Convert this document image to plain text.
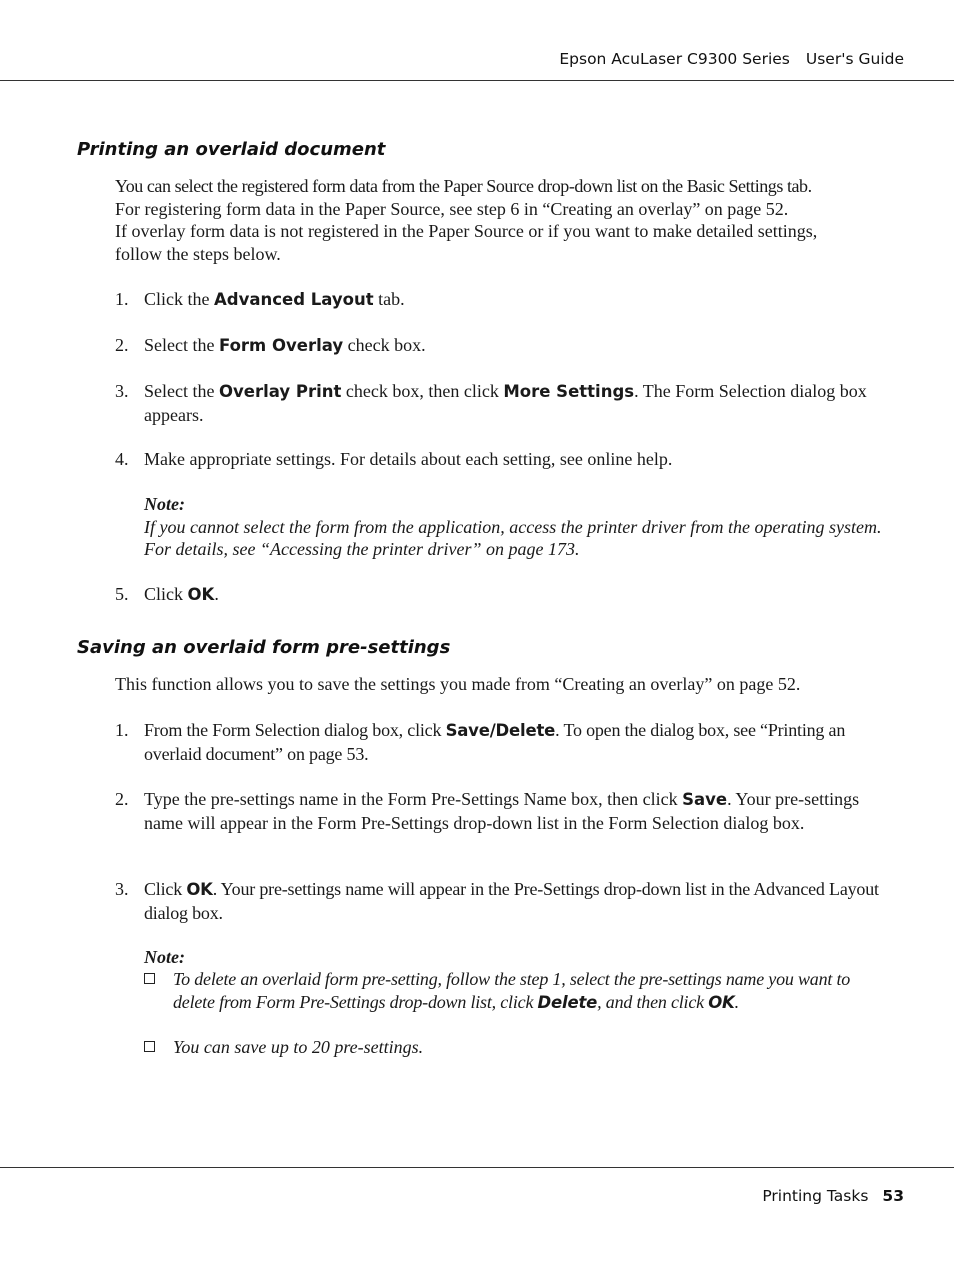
Epson AcuLaser C9300 Series User's Guide
Printing an overlaid document
You can select the registered form data from the Paper Source drop-down list on the Basic Settings tab.
For registering form data in the Paper Source, see step 6 in “Creating an overlay” on page 52.
If overlay form data is not registered in the Paper Source or if you want to make detailed settings,
follow the steps below.
1. Click the Advanced Layout tab.
2. Select the Form Overlay check box.
3. Select the Overlay Print check box, then click More Settings. The Form Selection dialog box appears.
4. Make appropriate settings. For details about each setting, see online help.
Note:
If you cannot select the form from the application, access the printer driver from the operating system. For details, see “Accessing the printer driver” on page 173.
5. Click OK.
Saving an overlaid form pre-settings
This function allows you to save the settings you made from “Creating an overlay” on page 52.
1. From the Form Selection dialog box, click Save/Delete. To open the dialog box, see “Printing an overlaid document” on page 53.
2. Type the pre-settings name in the Form Pre-Settings Name box, then click Save. Your pre-settings name will appear in the Form Pre-Settings drop-down list in the Form Selection dialog box.
3. Click OK. Your pre-settings name will appear in the Pre-Settings drop-down list in the Advanced Layout dialog box.
Note:
To delete an overlaid form pre-setting, follow the step 1, select the pre-settings name you want to delete from Form Pre-Settings drop-down list, click Delete, and then click OK.
You can save up to 20 pre-settings.
Printing Tasks 53
